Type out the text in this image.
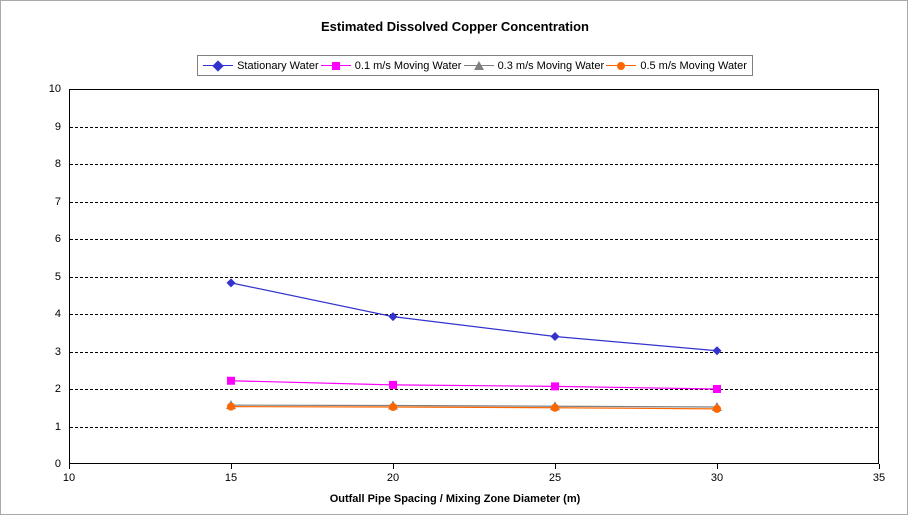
Estimated Dissolved Copper Concentration
Stationary Water	0.1 m/s Moving Water	0.3 m/s Moving Water	0.5 m/s Moving Water
Outfall Pipe Spacing / Mixing Zone Diameter (m)
0
1
2
3
4
5
6
7
8
9
10
10	15	20	25	30	35
